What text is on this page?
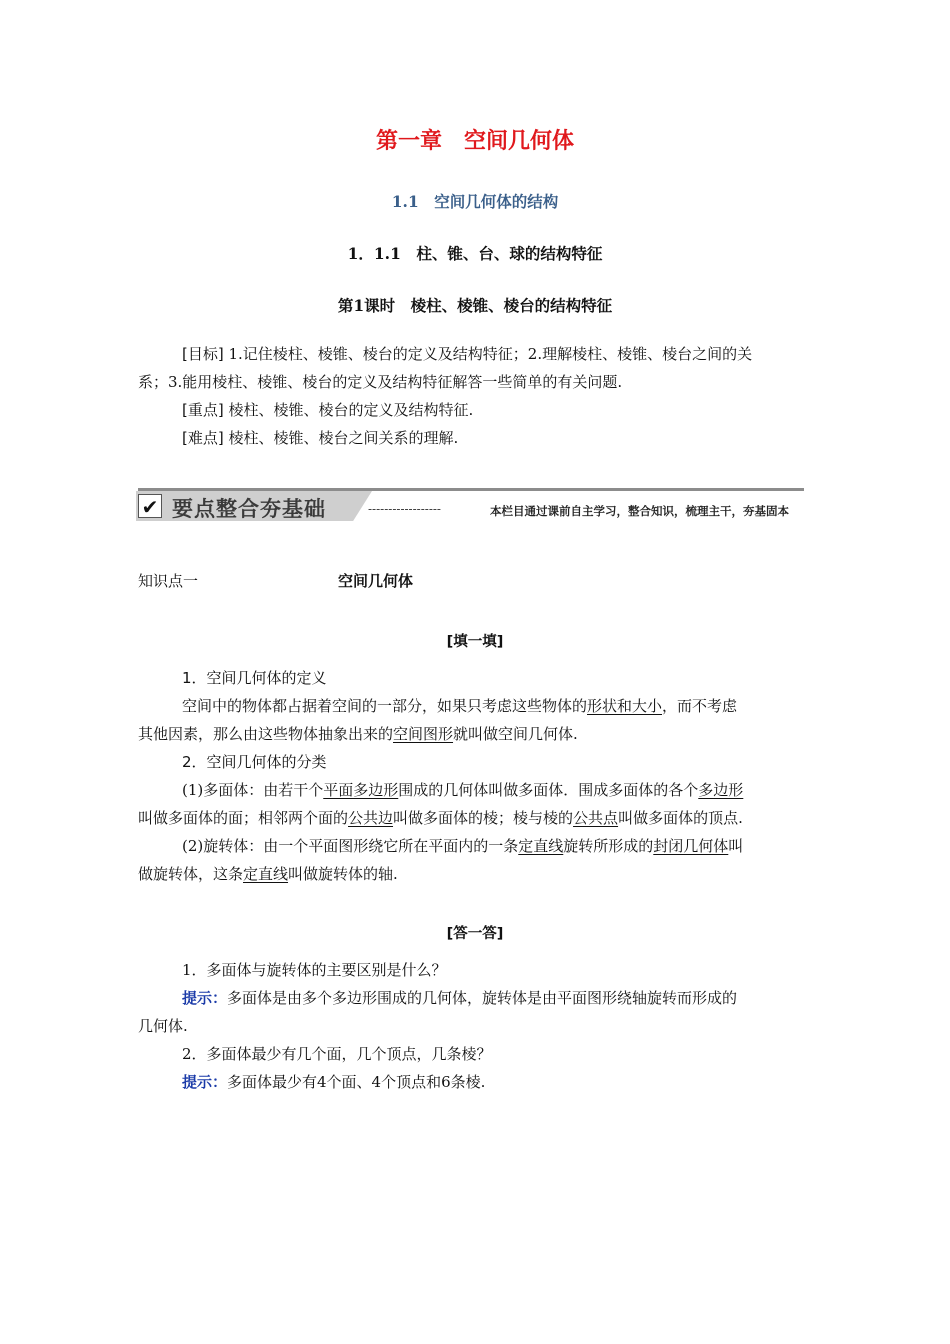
第一章　空间几何体
1.1　空间几何体的结构
1．1.1　柱、锥、台、球的结构特征
第1课时　棱柱、棱锥、棱台的结构特征
[目标] 1.记住棱柱、棱锥、棱台的定义及结构特征；2.理解棱柱、棱锥、棱台之间的关
系；3.能用棱柱、棱锥、棱台的定义及结构特征解答一些简单的有关问题.
[重点] 棱柱、棱锥、棱台的定义及结构特征.
[难点] 棱柱、棱锥、棱台之间关系的理解.
✔ 要点整合夯基础	------------------	本栏目通过课前自主学习，整合知识，梳理主干，夯基固本
知识点一	空间几何体
[填一填]
1．空间几何体的定义
空间中的物体都占据着空间的一部分，如果只考虑这些物体的形状和大小，而不考虑
其他因素，那么由这些物体抽象出来的空间图形就叫做空间几何体.
2．空间几何体的分类
(1)多面体：由若干个平面多边形围成的几何体叫做多面体．围成多面体的各个多边形
叫做多面体的面；相邻两个面的公共边叫做多面体的棱；棱与棱的公共点叫做多面体的顶点.
(2)旋转体：由一个平面图形绕它所在平面内的一条定直线旋转所形成的封闭几何体叫
做旋转体，这条定直线叫做旋转体的轴.
[答一答]
1．多面体与旋转体的主要区别是什么？
提示：多面体是由多个多边形围成的几何体，旋转体是由平面图形绕轴旋转而形成的
几何体.
2．多面体最少有几个面，几个顶点，几条棱？
提示：多面体最少有4个面、4个顶点和6条棱.
